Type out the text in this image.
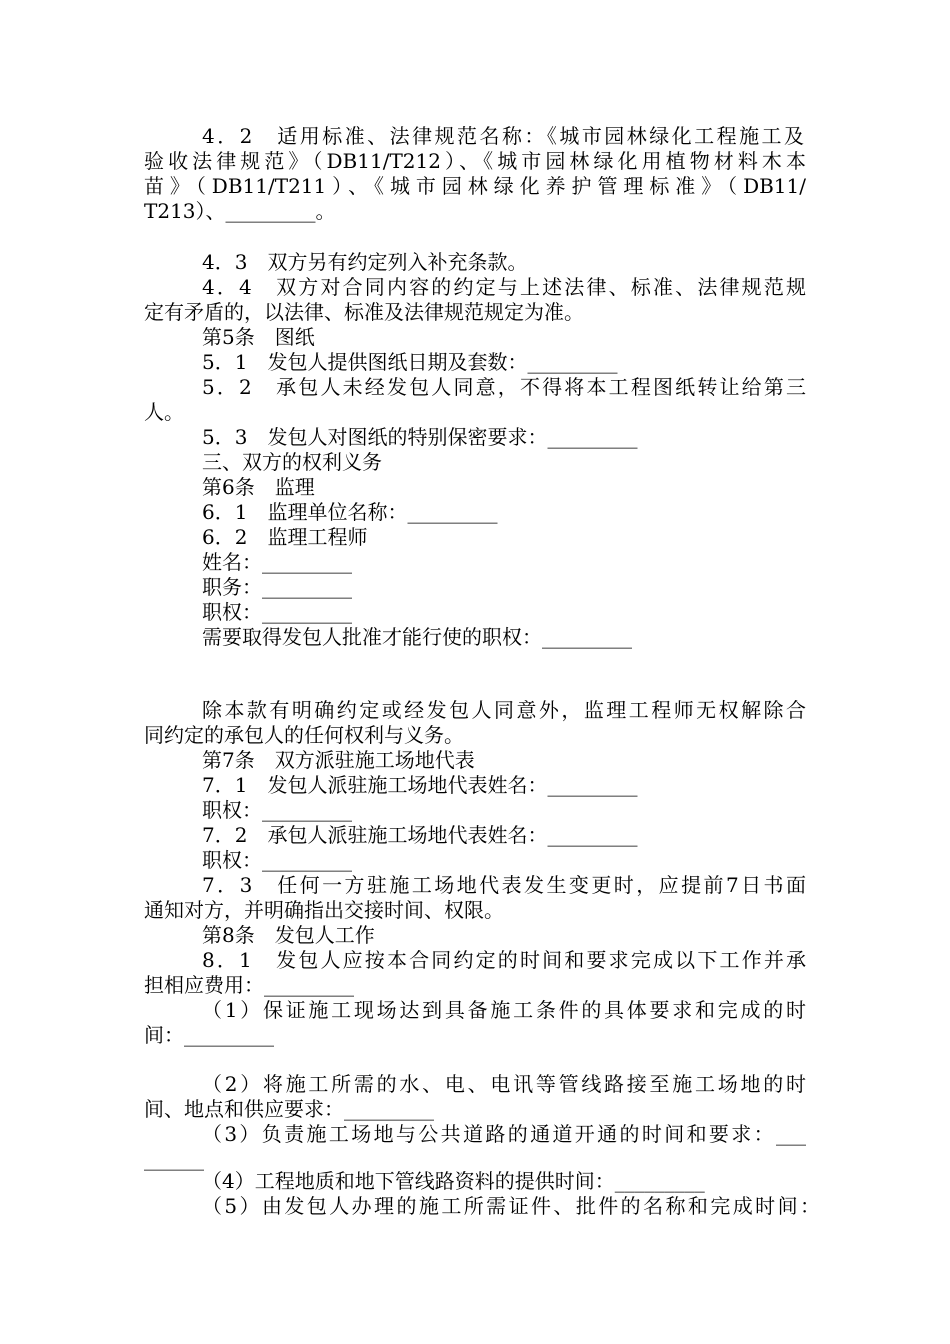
4．2　适用标准、法律规范名称：《城市园林绿化工程施工及
验收法律规范》（DB11/T212）、《城市园林绿化用植物材料木本
苗》（DB11/T211）、《城市园林绿化养护管理标准》（DB11/
T213）、_________。
4．3　双方另有约定列入补充条款。
4．4　双方对合同内容的约定与上述法律、标准、法律规范规
定有矛盾的，以法律、标准及法律规范规定为准。
第5条　图纸
5．1　发包人提供图纸日期及套数：_________
5．2　承包人未经发包人同意，不得将本工程图纸转让给第三
人。
5．3　发包人对图纸的特别保密要求：_________
三、双方的权利义务
第6条　监理
6．1　监理单位名称：_________
6．2　监理工程师
姓名：_________
职务：_________
职权：_________
需要取得发包人批准才能行使的职权：_________
除本款有明确约定或经发包人同意外，监理工程师无权解除合
同约定的承包人的任何权利与义务。
第7条　双方派驻施工场地代表
7．1　发包人派驻施工场地代表姓名：_________
职权：_________
7．2　承包人派驻施工场地代表姓名：_________
职权：_________
7．3　任何一方驻施工场地代表发生变更时，应提前7日书面
通知对方，并明确指出交接时间、权限。
第8条　发包人工作
8．1　发包人应按本合同约定的时间和要求完成以下工作并承
担相应费用：_________
（1）保证施工现场达到具备施工条件的具体要求和完成的时
间：_________
（2）将施工所需的水、电、电讯等管线路接至施工场地的时
间、地点和供应要求：_________
（3）负责施工场地与公共道路的通道开通的时间和要求：___
______
（4）工程地质和地下管线路资料的提供时间：_________
（5）由发包人办理的施工所需证件、批件的名称和完成时间：
